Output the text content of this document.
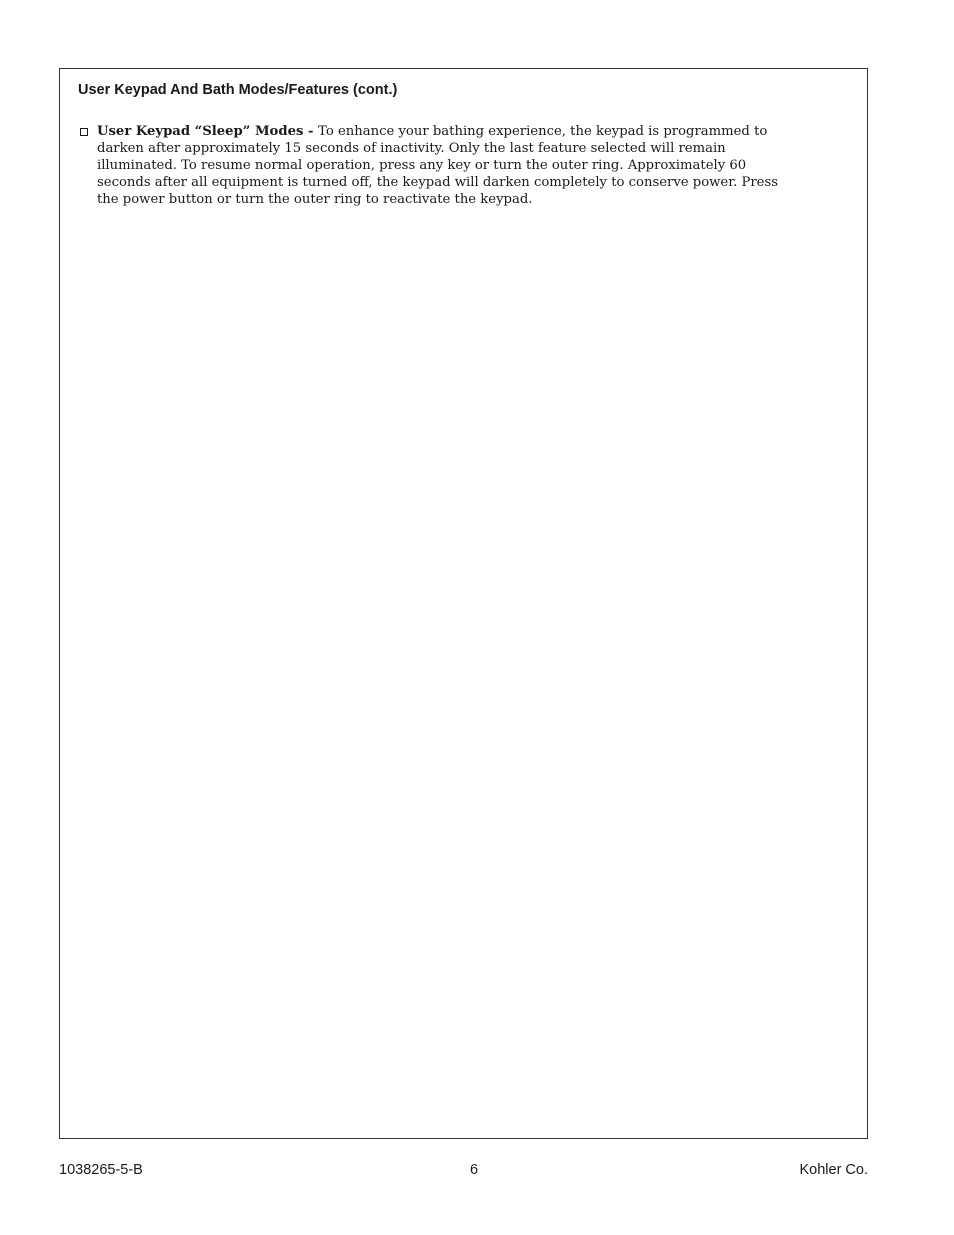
User Keypad And Bath Modes/Features (cont.)

User Keypad “Sleep” Modes - To enhance your bathing experience, the keypad is programmed to darken after approximately 15 seconds of inactivity. Only the last feature selected will remain illuminated. To resume normal operation, press any key or turn the outer ring. Approximately 60 seconds after all equipment is turned off, the keypad will darken completely to conserve power. Press the power button or turn the outer ring to reactivate the keypad.

1038265-5-B	6	Kohler Co.
